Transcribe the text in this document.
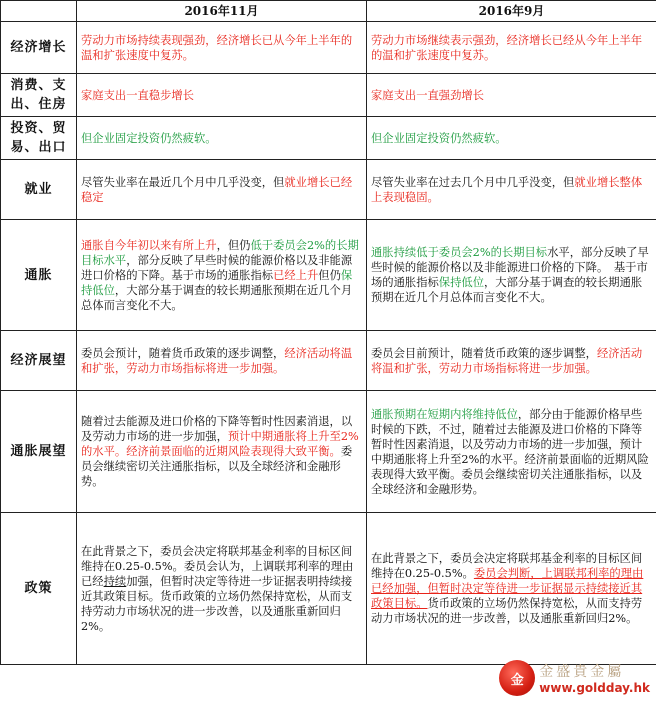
	2016年11月	2016年9月
经济增长	劳动力市场持续表现强劲，经济增长已从今年上半年的温和扩张速度中复苏。	劳动力市场继续表示强劲，经济增长已经从今年上半年的温和扩张速度中复苏。
消费、支出、住房	家庭支出一直稳步增长	家庭支出一直强劲增长
投资、贸易、出口	但企业固定投资仍然疲软。	但企业固定投资仍然疲软。
就业	尽管失业率在最近几个月中几乎没变，但就业增长已经稳定	尽管失业率在过去几个月中几乎没变，但就业增长整体上表现稳固。
通胀	通胀自今年初以来有所上升，但仍低于委员会2%的长期目标水平，部分反映了早些时候的能源价格以及非能源进口价格的下降。基于市场的通胀指标已经上升但仍保持低位，大部分基于调查的较长期通胀预期在近几个月总体而言变化不大。	通胀持续低于委员会2%的长期目标水平，部分反映了早些时候的能源价格以及非能源进口价格的下降。　基于市场的通胀指标保持低位，大部分基于调查的较长期通胀预期在近几个月总体而言变化不大。
经济展望	委员会预计，随着货币政策的逐步调整，经济活动将温和扩张，劳动力市场指标将进一步加强。	委员会目前预计，随着货币政策的逐步调整，经济活动将温和扩张，劳动力市场指标将进一步加强。
通胀展望	随着过去能源及进口价格的下降等暂时性因素消退，以及劳动力市场的进一步加强，预计中期通胀将上升至2%的水平。经济前景面临的近期风险表现得大致平衡。委员会继续密切关注通胀指标，以及全球经济和金融形势。	通胀预期在短期内将维持低位，部分由于能源价格早些时候的下跌，不过，随着过去能源及进口价格的下降等暂时性因素消退，以及劳动力市场的进一步加强，预计中期通胀将上升至2%的水平。经济前景面临的近期风险表现得大致平衡。委员会继续密切关注通胀指标，以及全球经济和金融形势。
政策	在此背景之下，委员会决定将联邦基金利率的目标区间维持在0.25-0.5%。委员会认为，上调联邦利率的理由已经持续加强，但暂时决定等待进一步证据表明持续接近其政策目标。货币政策的立场仍然保持宽松，从而支持劳动力市场状况的进一步改善，以及通胀重新回归2%。	在此背景之下，委员会决定将联邦基金利率的目标区间维持在0.25-0.5%。委员会判断，上调联邦利率的理由已经加强，但暂时决定等待进一步证据显示持续接近其政策目标。货币政策的立场仍然保持宽松，从而支持劳动力市场状况的进一步改善，以及通胀重新回归2%。
金	金盛貴金屬
www.goldday.hk
